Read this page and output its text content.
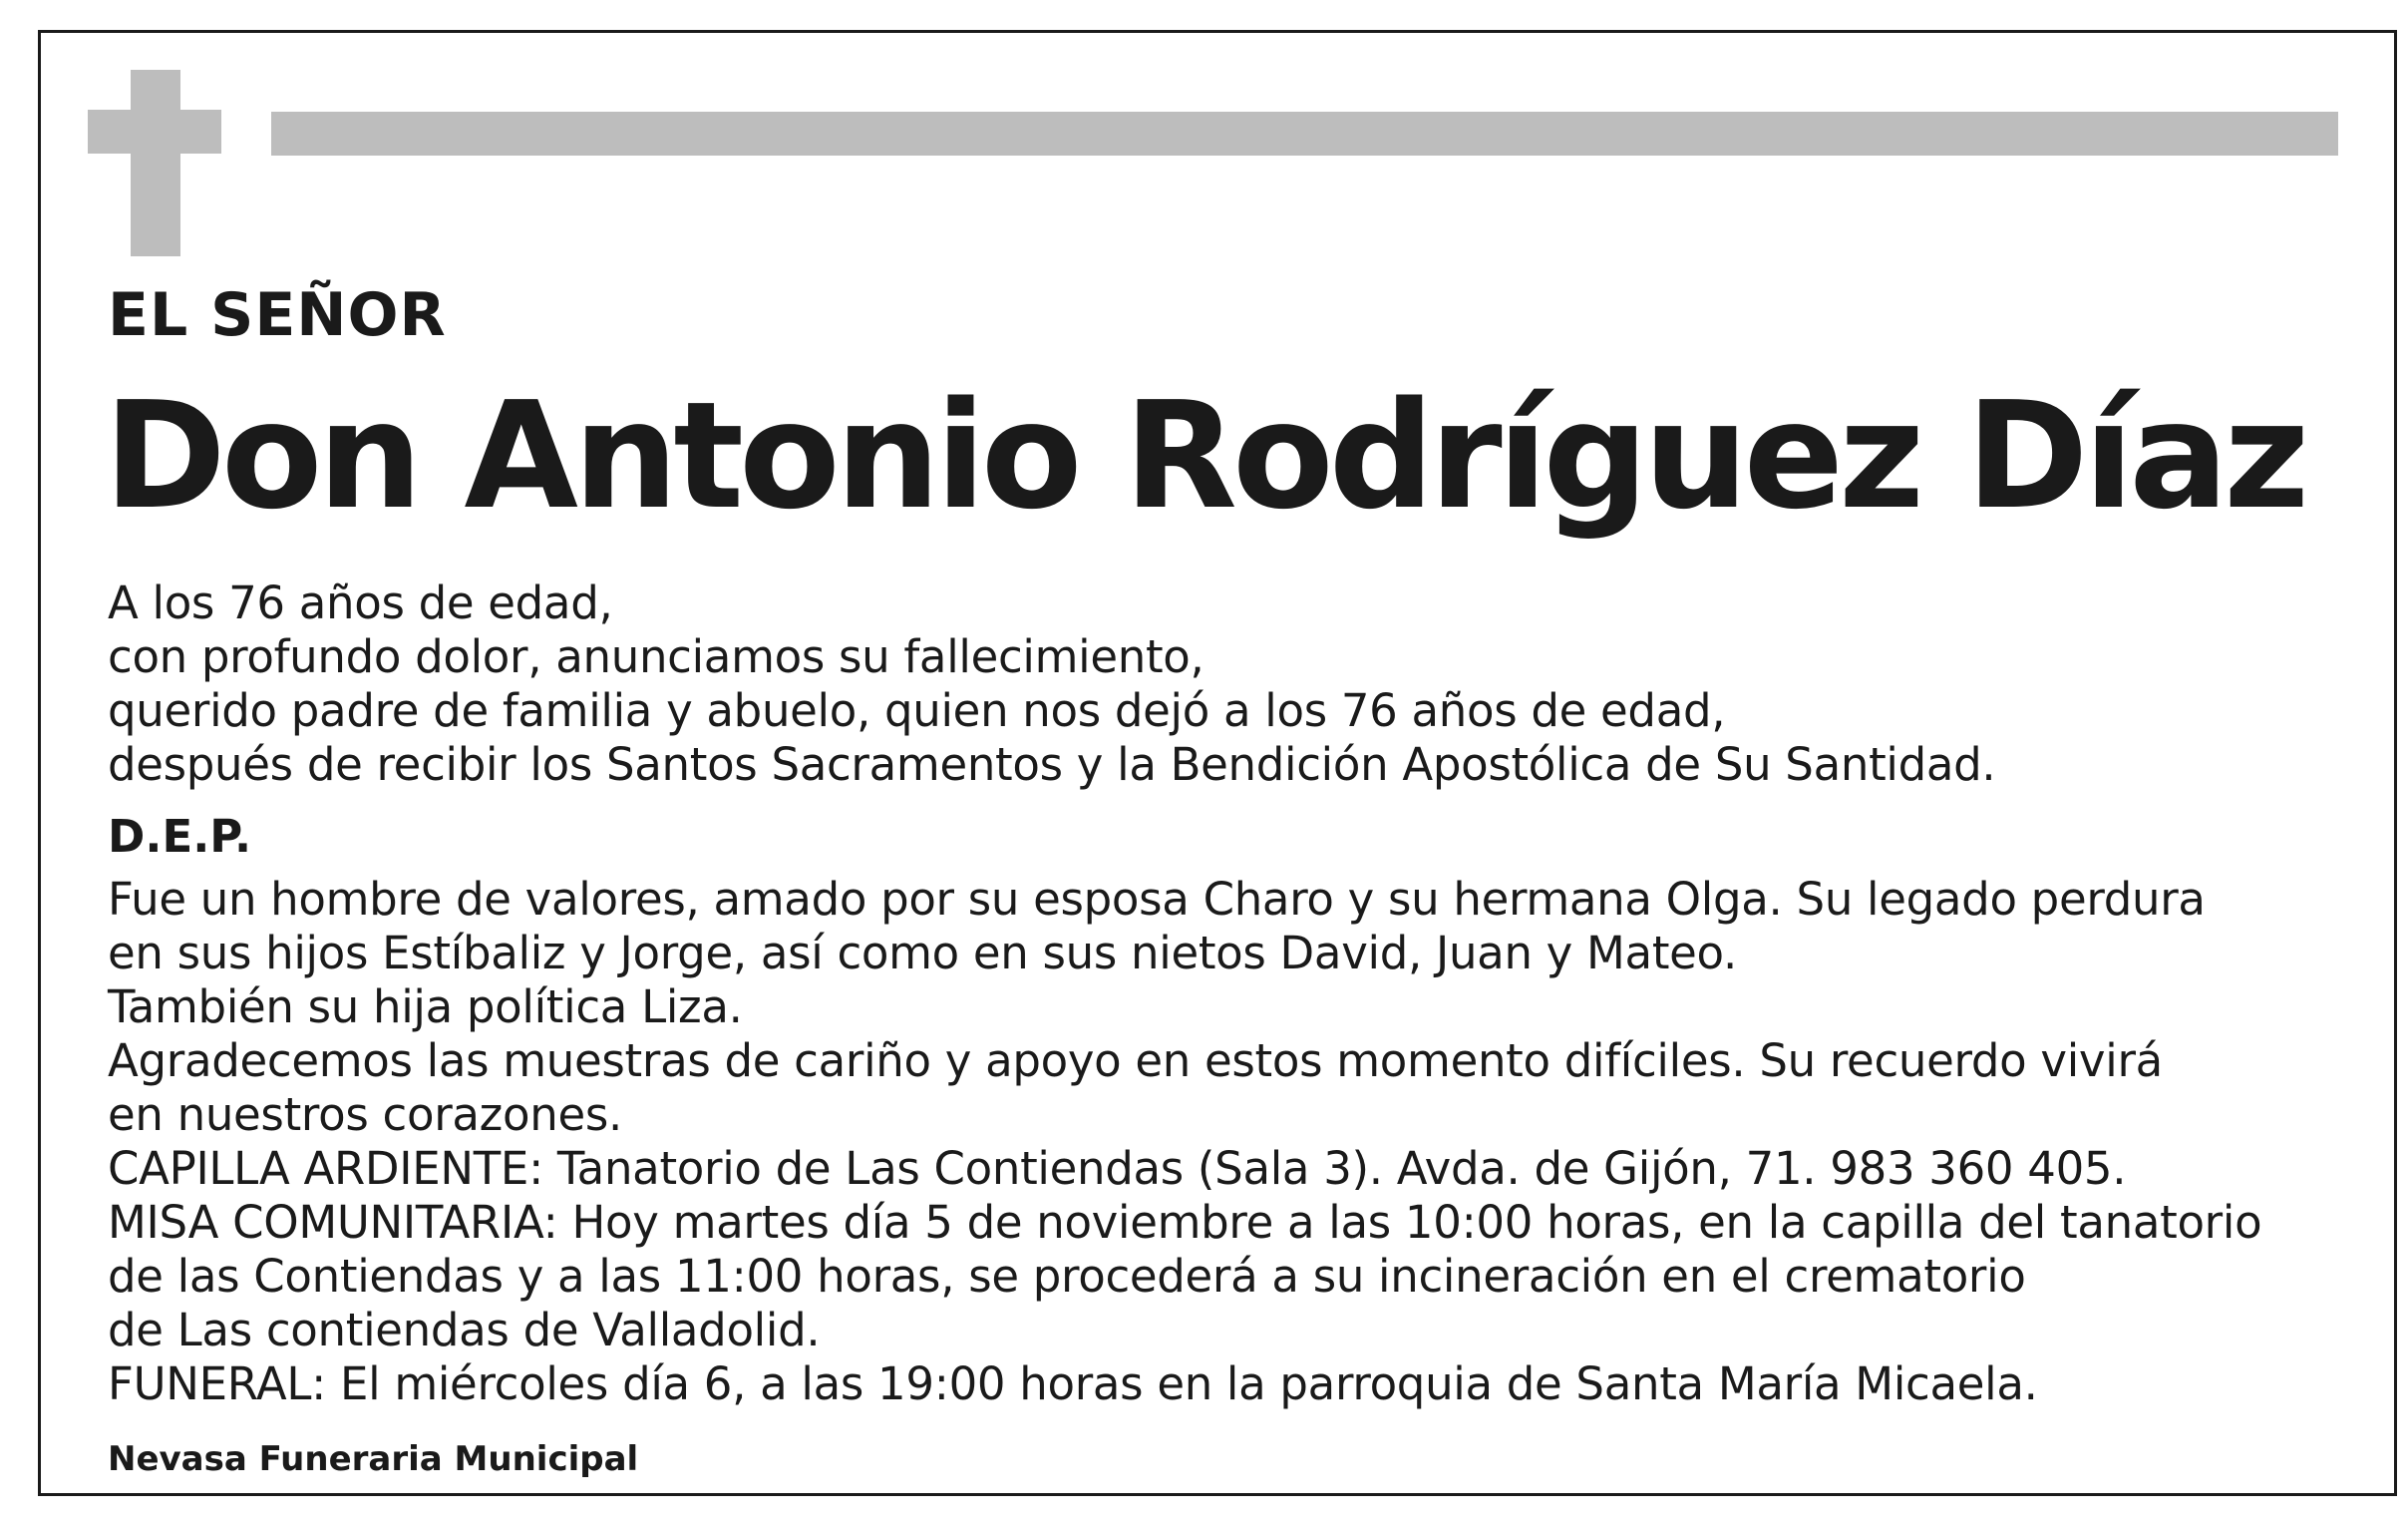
EL SEÑOR
Don Antonio Rodríguez Díaz
A los 76 años de edad,
con profundo dolor, anunciamos su fallecimiento,
querido padre de familia y abuelo, quien nos dejó a los 76 años de edad,
después de recibir los Santos Sacramentos y la Bendición Apostólica de Su Santidad.
D.E.P.
Fue un hombre de valores, amado por su esposa Charo y su hermana Olga. Su legado perdura
en sus hijos Estíbaliz y Jorge, así como en sus nietos David, Juan y Mateo.
También su hija política Liza.
Agradecemos las muestras de cariño y apoyo en estos momento difíciles. Su recuerdo vivirá
en nuestros corazones.
CAPILLA ARDIENTE: Tanatorio de Las Contiendas (Sala 3). Avda. de Gijón, 71. 983 360 405.
MISA COMUNITARIA: Hoy martes día 5 de noviembre a las 10:00 horas, en la capilla del tanatorio
de las Contiendas y a las 11:00 horas, se procederá a su incineración en el crematorio
de Las contiendas de Valladolid.
FUNERAL: El miércoles día 6, a las 19:00 horas en la parroquia de Santa María Micaela.
Nevasa Funeraria Municipal
